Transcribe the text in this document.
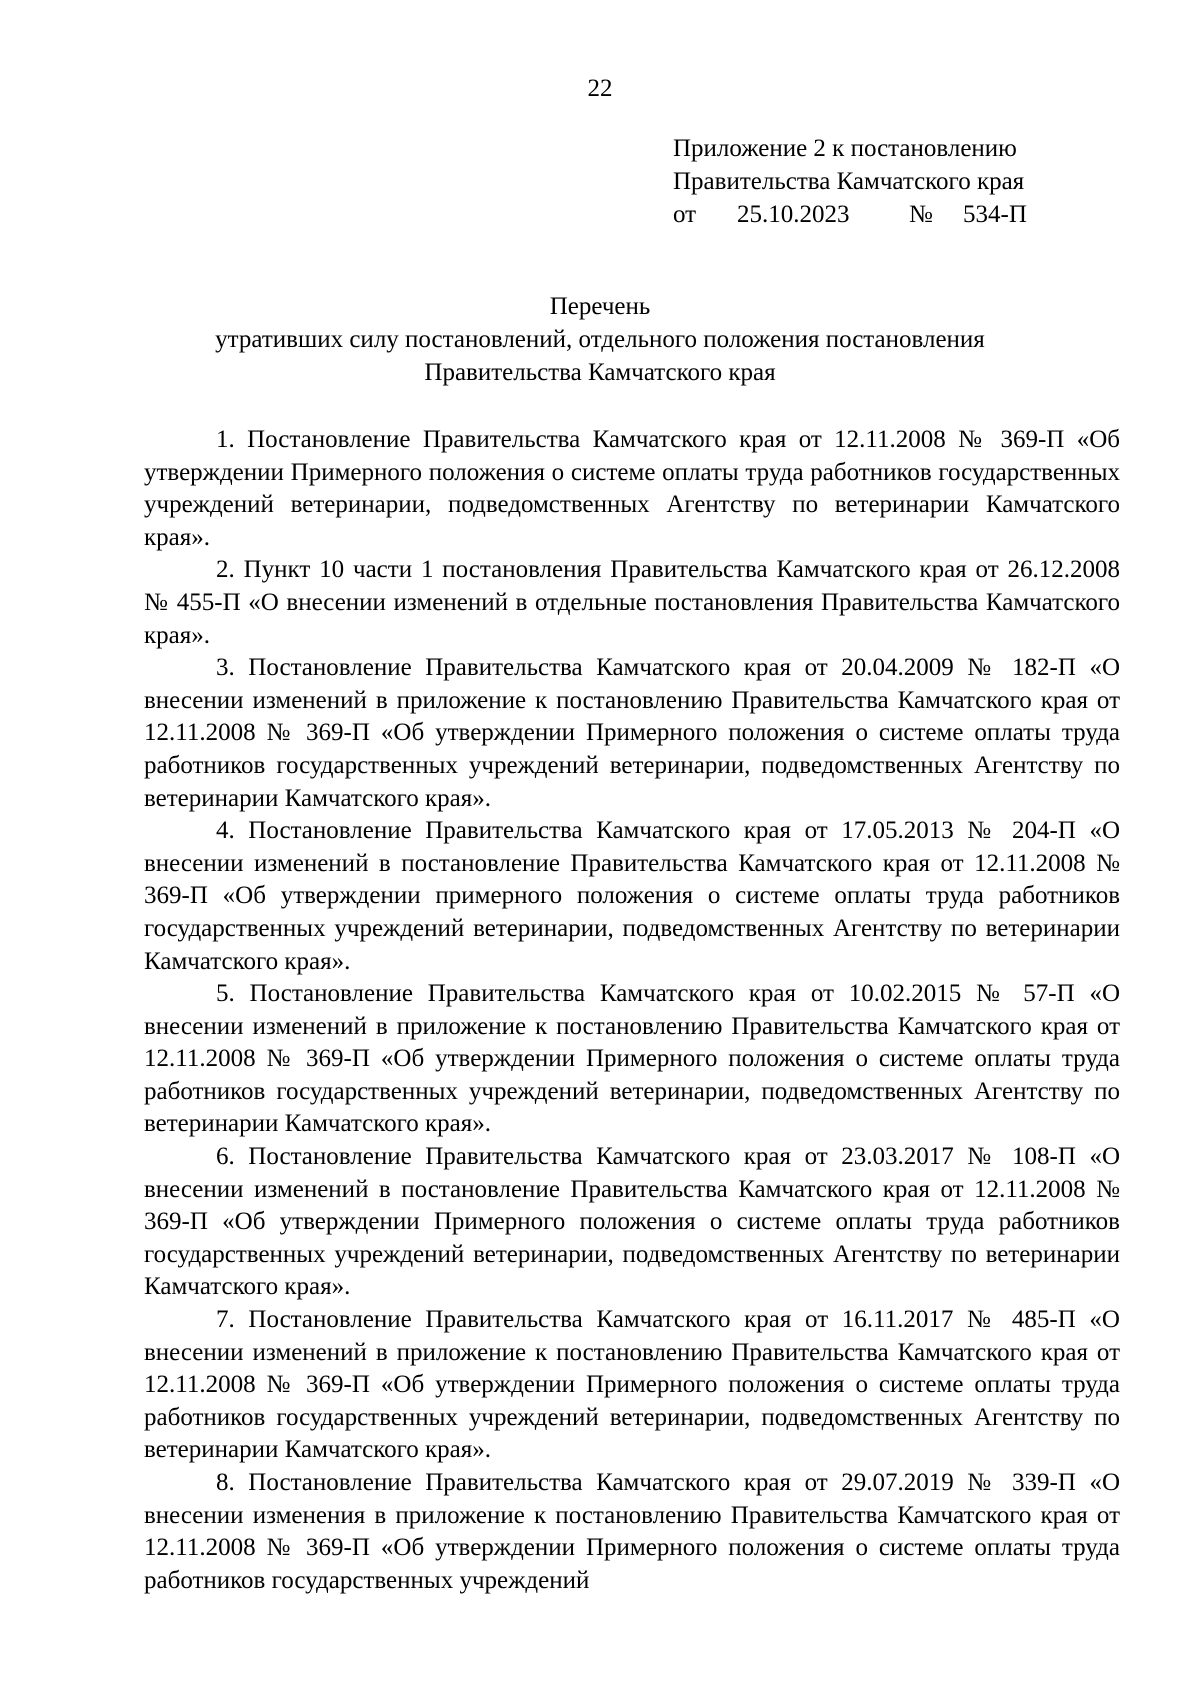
22
Приложение 2 к постановлению
Правительства Камчатского края
от 25.10.2023 № 534-П
Перечень
утративших силу постановлений, отдельного положения постановления
Правительства Камчатского края

1. Постановление Правительства Камчатского края от 12.11.2008 № 369-П «Об утверждении Примерного положения о системе оплаты труда работников государственных учреждений ветеринарии, подведомственных Агентству по ветеринарии Камчатского края».

2. Пункт 10 части 1 постановления Правительства Камчатского края от 26.12.2008 № 455-П «О внесении изменений в отдельные постановления Правительства Камчатского края».

3. Постановление Правительства Камчатского края от 20.04.2009 № 182-П «О внесении изменений в приложение к постановлению Правительства Камчатского края от 12.11.2008 № 369-П «Об утверждении Примерного положения о системе оплаты труда работников государственных учреждений ветеринарии, подведомственных Агентству по ветеринарии Камчатского края».

4. Постановление Правительства Камчатского края от 17.05.2013 № 204-П «О внесении изменений в постановление Правительства Камчатского края от 12.11.2008 № 369-П «Об утверждении примерного положения о системе оплаты труда работников государственных учреждений ветеринарии, подведомственных Агентству по ветеринарии Камчатского края».

5. Постановление Правительства Камчатского края от 10.02.2015 № 57-П «О внесении изменений в приложение к постановлению Правительства Камчатского края от 12.11.2008 № 369-П «Об утверждении Примерного положения о системе оплаты труда работников государственных учреждений ветеринарии, подведомственных Агентству по ветеринарии Камчатского края».

6. Постановление Правительства Камчатского края от 23.03.2017 № 108-П «О внесении изменений в постановление Правительства Камчатского края от 12.11.2008 № 369-П «Об утверждении Примерного положения о системе оплаты труда работников государственных учреждений ветеринарии, подведомственных Агентству по ветеринарии Камчатского края».

7. Постановление Правительства Камчатского края от 16.11.2017 № 485-П «О внесении изменений в приложение к постановлению Правительства Камчатского края от 12.11.2008 № 369-П «Об утверждении Примерного положения о системе оплаты труда работников государственных учреждений ветеринарии, подведомственных Агентству по ветеринарии Камчатского края».

8. Постановление Правительства Камчатского края от 29.07.2019 № 339-П «О внесении изменения в приложение к постановлению Правительства Камчатского края от 12.11.2008 № 369-П «Об утверждении Примерного положения о системе оплаты труда работников государственных учреждений
